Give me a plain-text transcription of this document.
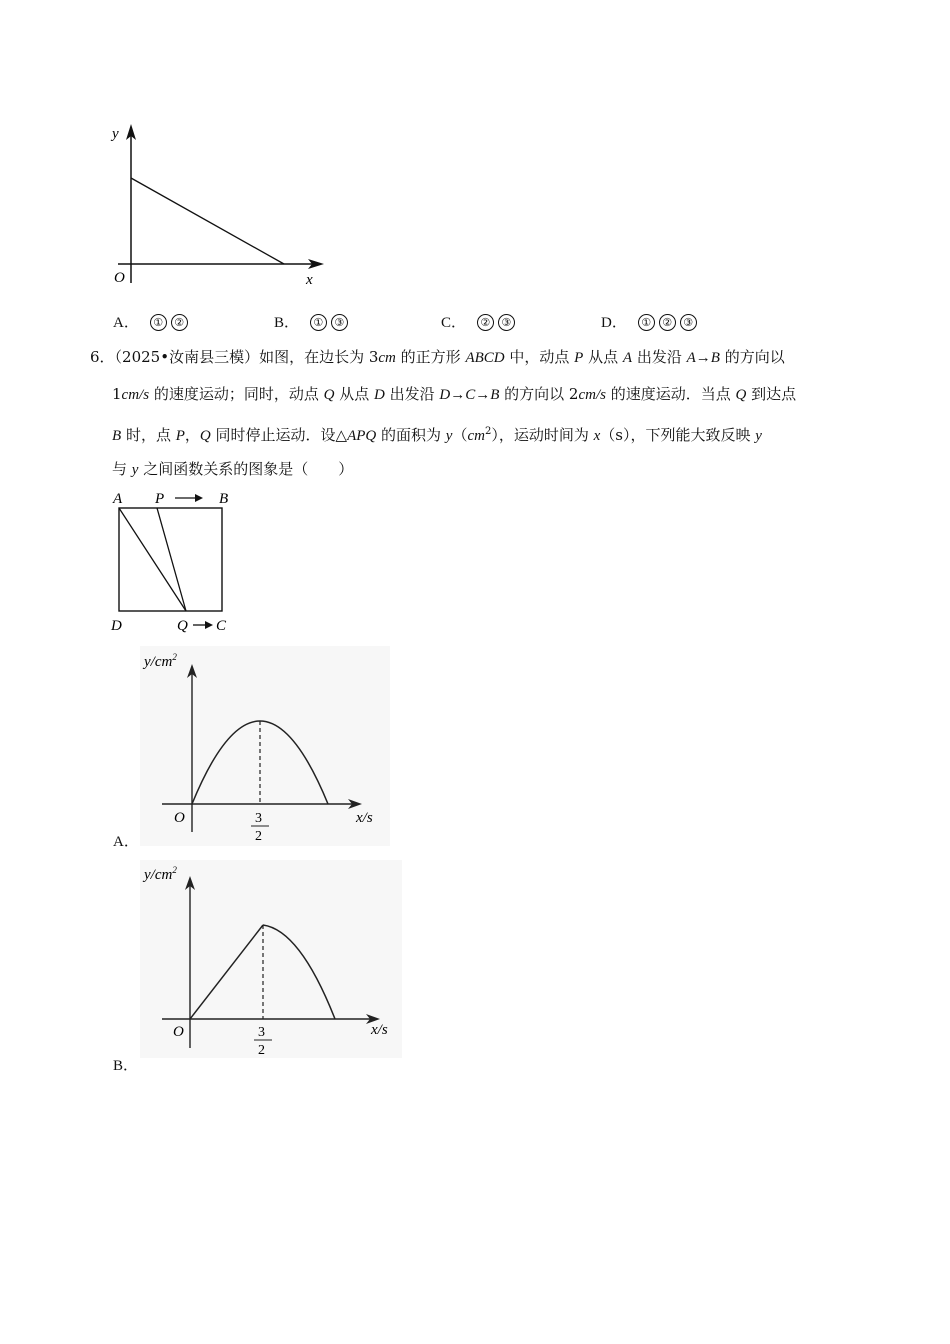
y
O	x
A． ① ②	B． ① ③	C． ② ③	D． ① ② ③
6．（2025•汝南县三模）如图，在边长为 3cm 的正方形 ABCD 中，动点 P 从点 A 出发沿 A→B 的方向以
1cm/s 的速度运动；同时，动点 Q 从点 D 出发沿 D→C→B 的方向以 2cm/s 的速度运动．当点 Q 到达点
B 时，点 P，Q 同时停止运动．设△APQ 的面积为 $y(cm^2)$，运动时间为 x（s），下列能大致反映 y
与 y 之间函数关系的图象是（　　）
A P	B
D	Q C
$y/cm^2$
O	x/s
3
2
A．
$y/cm^2$
O	x/s
3
2
B．
